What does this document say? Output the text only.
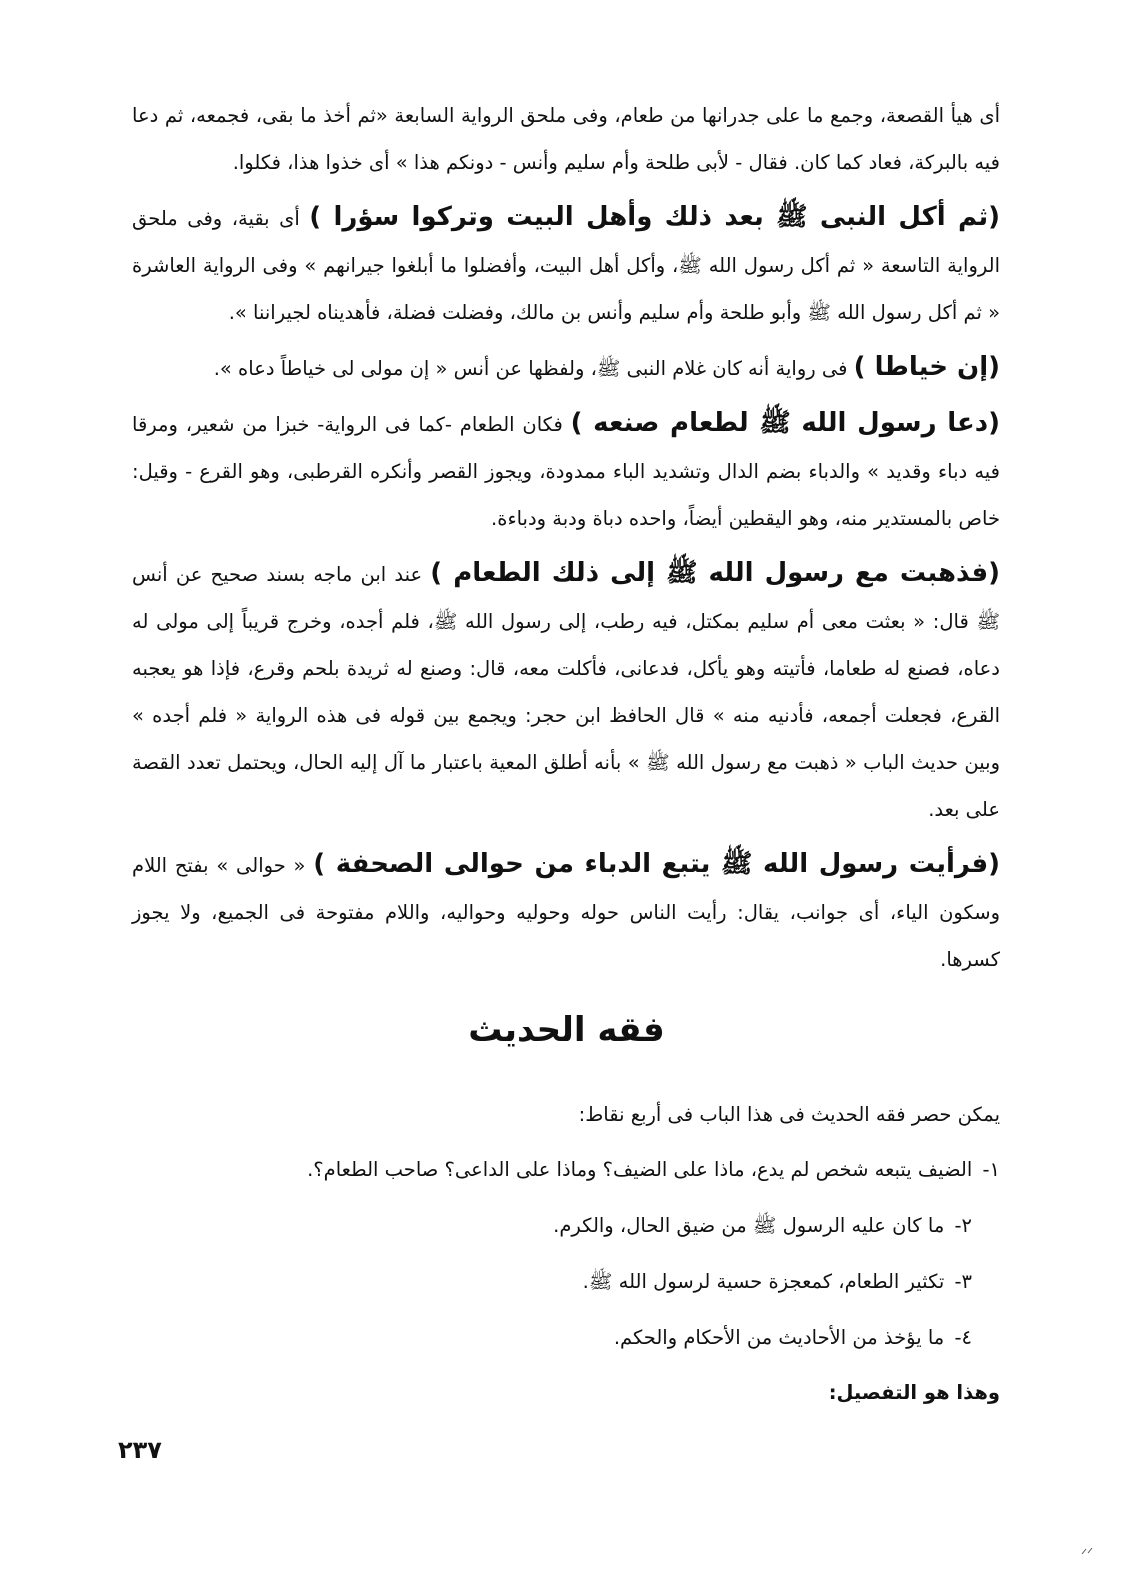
أى هيأ القصعة، وجمع ما على جدرانها من طعام، وفى ملحق الرواية السابعة «ثم أخذ ما بقى، فجمعه، ثم دعا فيه بالبركة، فعاد كما كان. فقال - لأبى طلحة وأم سليم وأنس - دونكم هذا » أى خذوا هذا، فكلوا.

(ثم أكل النبى ﷺ بعد ذلك وأهل البيت وتركوا سؤرا ) أى بقية، وفى ملحق الرواية التاسعة « ثم أكل رسول الله ﷺ، وأكل أهل البيت، وأفضلوا ما أبلغوا جيرانهم » وفى الرواية العاشرة « ثم أكل رسول الله ﷺ وأبو طلحة وأم سليم وأنس بن مالك، وفضلت فضلة، فأهديناه لجيراننا ».

(إن خياطا ) فى رواية أنه كان غلام النبى ﷺ، ولفظها عن أنس « إن مولى لى خياطاً دعاه ».

(دعا رسول الله ﷺ لطعام صنعه ) فكان الطعام -كما فى الرواية- خبزا من شعير، ومرقا فيه دباء وقديد » والدباء بضم الدال وتشديد الباء ممدودة، ويجوز القصر وأنكره القرطبى، وهو القرع - وقيل: خاص بالمستدير منه، وهو اليقطين أيضاً، واحده دباة ودبة ودباءة.

(فذهبت مع رسول الله ﷺ إلى ذلك الطعام ) عند ابن ماجه بسند صحيح عن أنس ﷺ قال: « بعثت معى أم سليم بمكتل، فيه رطب، إلى رسول الله ﷺ، فلم أجده، وخرج قريباً إلى مولى له دعاه، فصنع له طعاما، فأتيته وهو يأكل، فدعانى، فأكلت معه، قال: وصنع له ثريدة بلحم وقرع، فإذا هو يعجبه القرع، فجعلت أجمعه، فأدنيه منه » قال الحافظ ابن حجر: ويجمع بين قوله فى هذه الرواية « فلم أجده » وبين حديث الباب « ذهبت مع رسول الله ﷺ » بأنه أطلق المعية باعتبار ما آل إليه الحال، ويحتمل تعدد القصة على بعد.

(فرأيت رسول الله ﷺ يتبع الدباء من حوالى الصحفة ) « حوالى » بفتح اللام وسكون الياء، أى جوانب، يقال: رأيت الناس حوله وحوليه وحواليه، واللام مفتوحة فى الجميع، ولا يجوز كسرها.

فقه الحديث

يمكن حصر فقه الحديث فى هذا الباب فى أربع نقاط:

١- الضيف يتبعه شخص لم يدع، ماذا على الضيف؟ وماذا على الداعى؟ صاحب الطعام؟.
٢- ما كان عليه الرسول ﷺ من ضيق الحال، والكرم.
٣- تكثير الطعام، كمعجزة حسية لرسول الله ﷺ.
٤- ما يؤخذ من الأحاديث من الأحكام والحكم.

وهذا هو التفصيل:

٢٣٧
